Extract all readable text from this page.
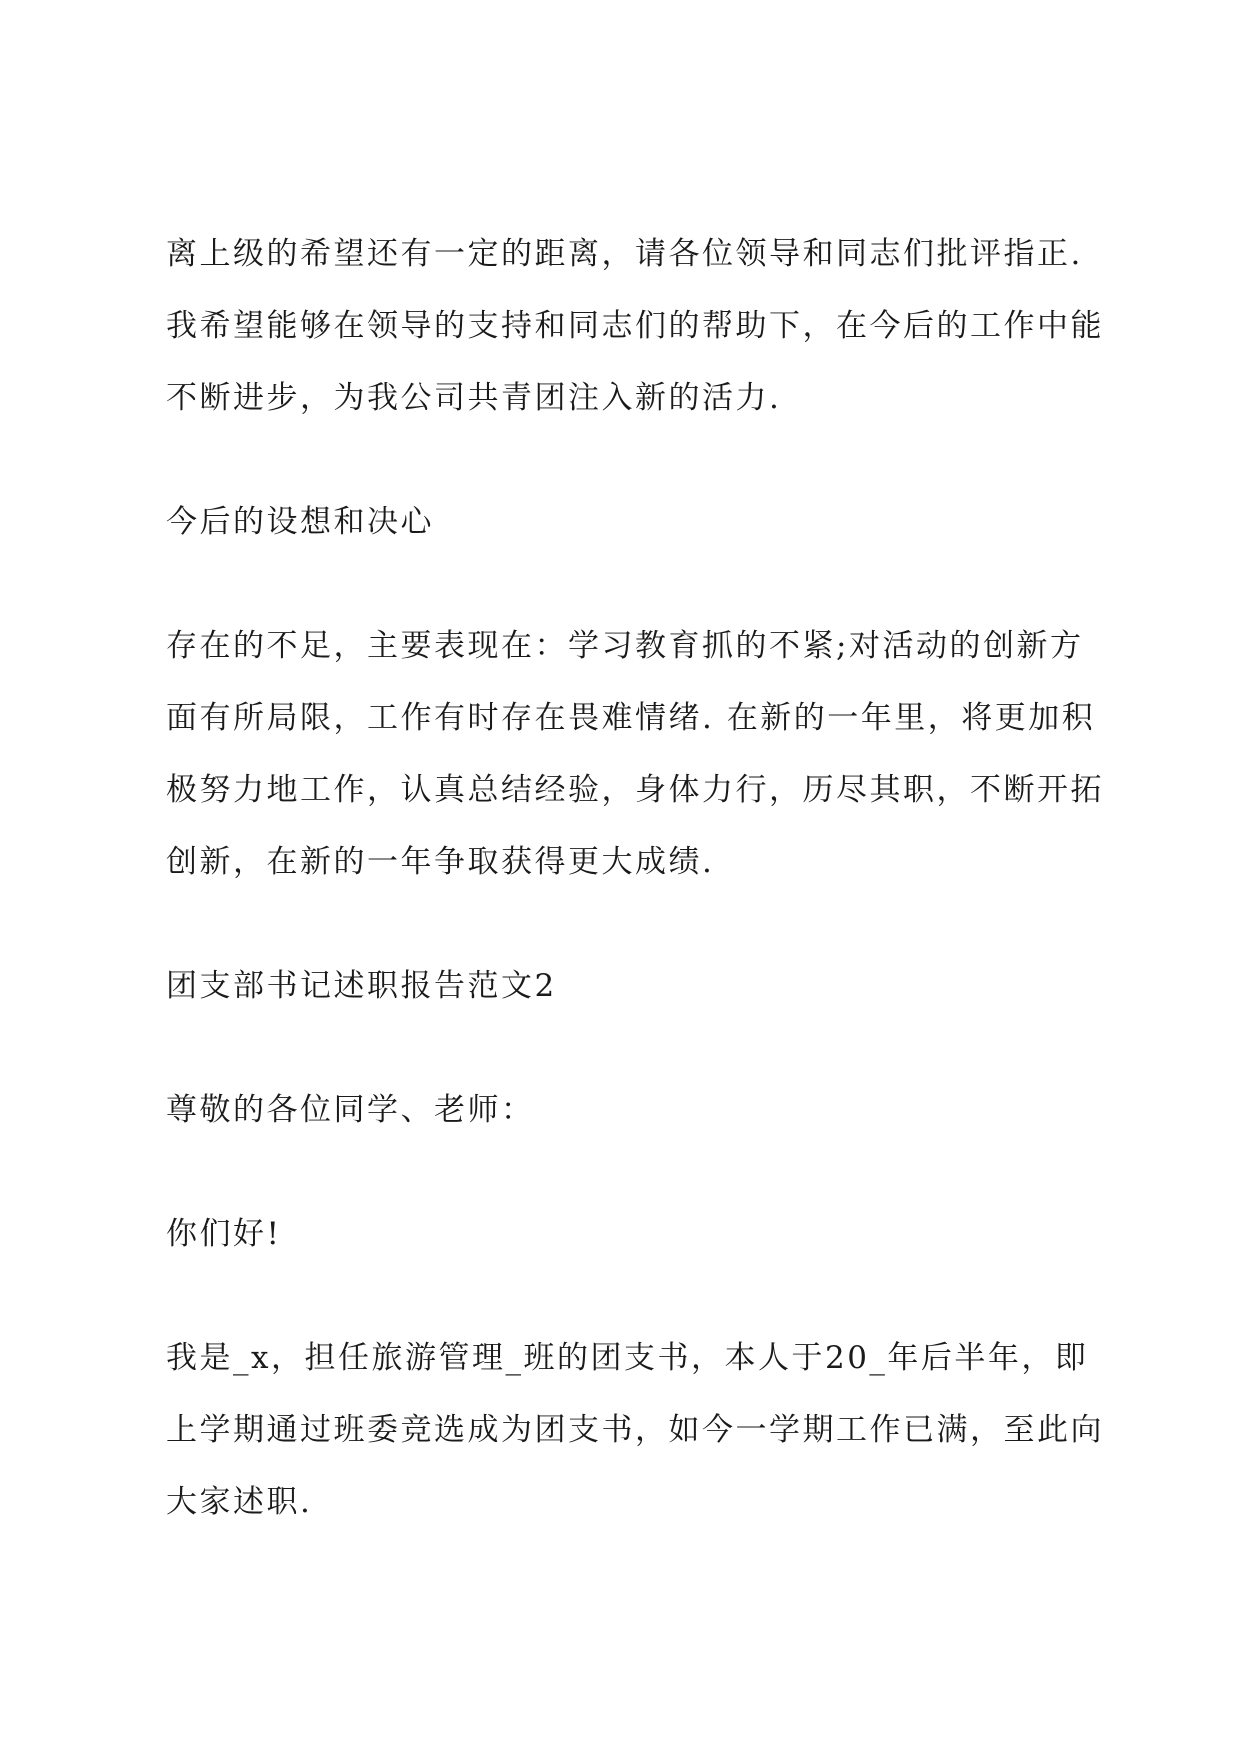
离上级的希望还有一定的距离，请各位领导和同志们批评指正.
我希望能够在领导的支持和同志们的帮助下，在今后的工作中能
不断进步，为我公司共青团注入新的活力.

今后的设想和决心

存在的不足，主要表现在：学习教育抓的不紧;对活动的创新方
面有所局限，工作有时存在畏难情绪. 在新的一年里，将更加积
极努力地工作，认真总结经验，身体力行，历尽其职，不断开拓
创新，在新的一年争取获得更大成绩.

团支部书记述职报告范文2

尊敬的各位同学、老师：

你们好!

我是_x，担任旅游管理_班的团支书，本人于20_年后半年，即
上学期通过班委竞选成为团支书，如今一学期工作已满，至此向
大家述职.
